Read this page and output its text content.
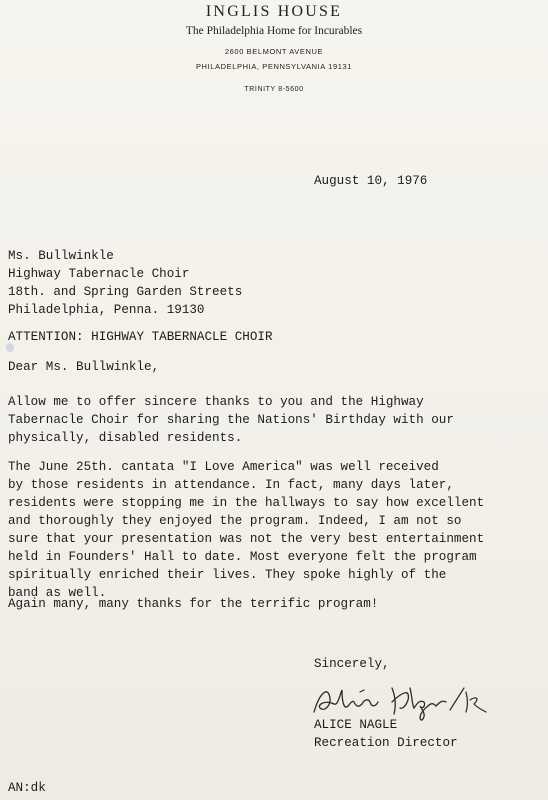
INGLIS HOUSE
The Philadelphia Home for Incurables
2600 BELMONT AVENUE
PHILADELPHIA, PENNSYLVANIA 19131
TRINITY 8-5600
August 10, 1976
Ms. Bullwinkle
Highway Tabernacle Choir
18th. and Spring Garden Streets
Philadelphia, Penna. 19130
ATTENTION: HIGHWAY TABERNACLE CHOIR
Dear Ms. Bullwinkle,
Allow me to offer sincere thanks to you and the Highway
Tabernacle Choir for sharing the Nations' Birthday with our
physically, disabled residents.
The June 25th. cantata "I Love America" was well received
by those residents in attendance. In fact, many days later,
residents were stopping me in the hallways to say how excellent
and thoroughly they enjoyed the program. Indeed, I am not so
sure that your presentation was not the very best entertainment
held in Founders' Hall to date. Most everyone felt the program
spiritually enriched their lives. They spoke highly of the
band as well.
Again many, many thanks for the terrific program!
Sincerely,
ALICE NAGLE
Recreation Director
AN:dk
